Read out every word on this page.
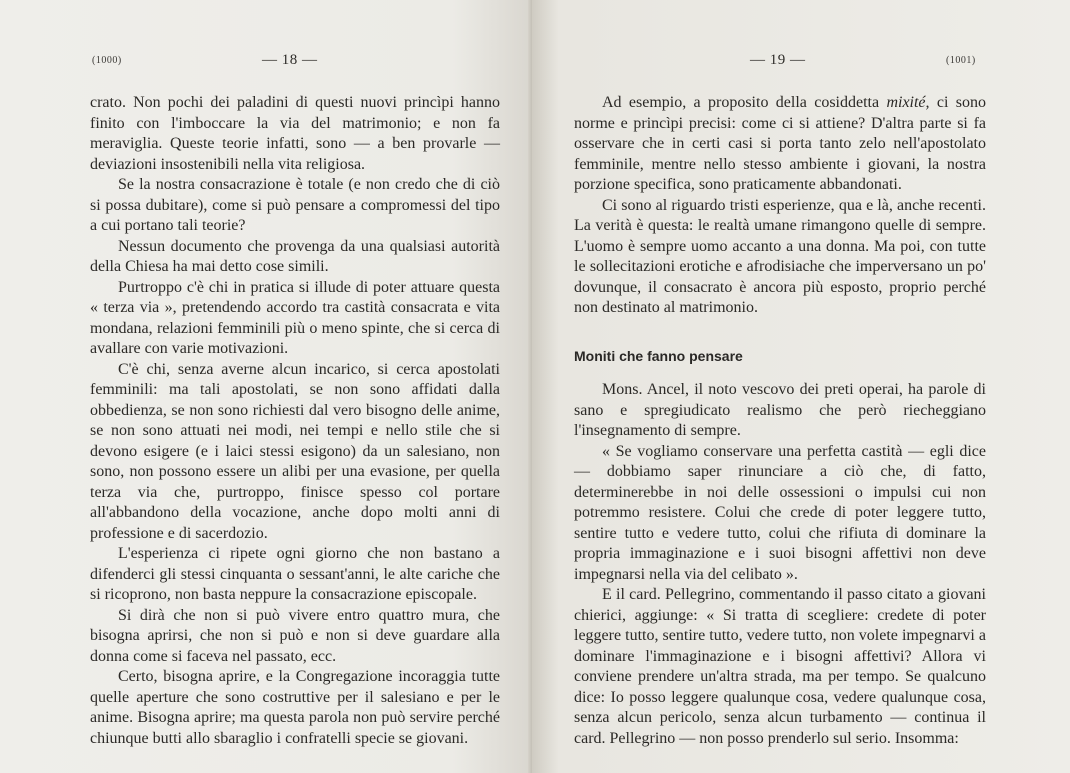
(1000)	— 18 —

crato. Non pochi dei paladini di questi nuovi princìpi hanno finito con l'imboccare la via del matrimonio; e non fa meraviglia. Queste teorie infatti, sono — a ben provarle — deviazioni insostenibili nella vita religiosa.

Se la nostra consacrazione è totale (e non credo che di ciò si possa dubitare), come si può pensare a compromessi del tipo a cui portano tali teorie?

Nessun documento che provenga da una qualsiasi autorità della Chiesa ha mai detto cose simili.

Purtroppo c'è chi in pratica si illude di poter attuare questa « terza via », pretendendo accordo tra castità consacrata e vita mondana, relazioni femminili più o meno spinte, che si cerca di avallare con varie motivazioni.

C'è chi, senza averne alcun incarico, si cerca apostolati femminili: ma tali apostolati, se non sono affidati dalla obbedienza, se non sono richiesti dal vero bisogno delle anime, se non sono attuati nei modi, nei tempi e nello stile che si devono esigere (e i laici stessi esigono) da un salesiano, non sono, non possono essere un alibi per una evasione, per quella terza via che, purtroppo, finisce spesso col portare all'abbandono della vocazione, anche dopo molti anni di professione e di sacerdozio.

L'esperienza ci ripete ogni giorno che non bastano a difenderci gli stessi cinquanta o sessant'anni, le alte cariche che si ricoprono, non basta neppure la consacrazione episcopale.

Si dirà che non si può vivere entro quattro mura, che bisogna aprirsi, che non si può e non si deve guardare alla donna come si faceva nel passato, ecc.

Certo, bisogna aprire, e la Congregazione incoraggia tutte quelle aperture che sono costruttive per il salesiano e per le anime. Bisogna aprire; ma questa parola non può servire perché chiunque butti allo sbaraglio i confratelli specie se giovani.

— 19 —	(1001)

Ad esempio, a proposito della cosiddetta mixité, ci sono norme e princìpi precisi: come ci si attiene? D'altra parte si fa osservare che in certi casi si porta tanto zelo nell'apostolato femminile, mentre nello stesso ambiente i giovani, la nostra porzione specifica, sono praticamente abbandonati.

Ci sono al riguardo tristi esperienze, qua e là, anche recenti. La verità è questa: le realtà umane rimangono quelle di sempre. L'uomo è sempre uomo accanto a una donna. Ma poi, con tutte le sollecitazioni erotiche e afrodisiache che imperversano un po' dovunque, il consacrato è ancora più esposto, proprio perché non destinato al matrimonio.

Moniti che fanno pensare

Mons. Ancel, il noto vescovo dei preti operai, ha parole di sano e spregiudicato realismo che però riecheggiano l'insegnamento di sempre.

« Se vogliamo conservare una perfetta castità — egli dice — dobbiamo saper rinunciare a ciò che, di fatto, determinerebbe in noi delle ossessioni o impulsi cui non potremmo resistere. Colui che crede di poter leggere tutto, sentire tutto e vedere tutto, colui che rifiuta di dominare la propria immaginazione e i suoi bisogni affettivi non deve impegnarsi nella via del celibato ».

E il card. Pellegrino, commentando il passo citato a giovani chierici, aggiunge: « Si tratta di scegliere: credete di poter leggere tutto, sentire tutto, vedere tutto, non volete impegnarvi a dominare l'immaginazione e i bisogni affettivi? Allora vi conviene prendere un'altra strada, ma per tempo. Se qualcuno dice: Io posso leggere qualunque cosa, vedere qualunque cosa, senza alcun pericolo, senza alcun turbamento — continua il card. Pellegrino — non posso prenderlo sul serio. Insomma:
